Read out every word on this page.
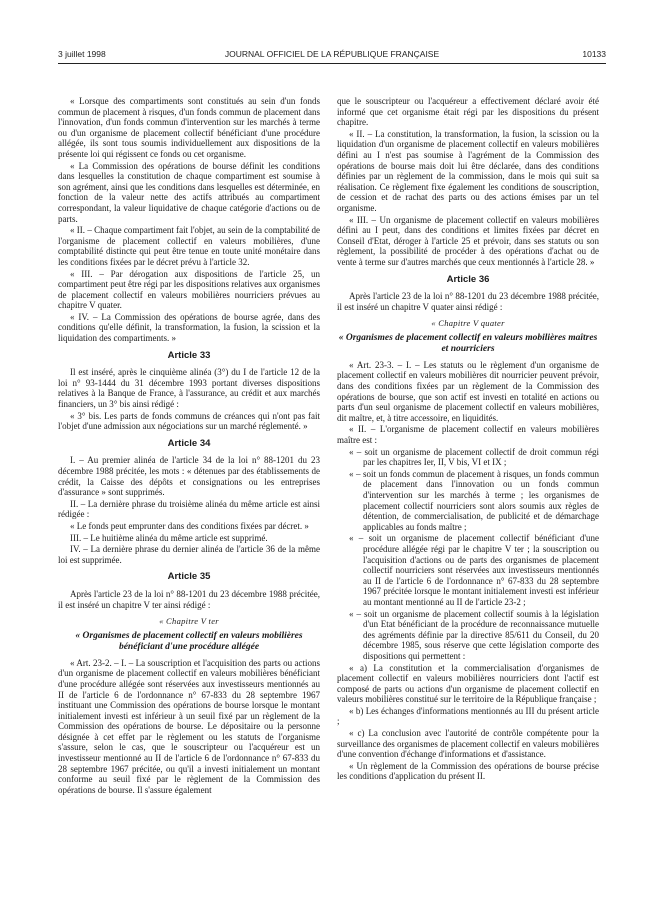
3 juillet 1998	JOURNAL OFFICIEL DE LA RÉPUBLIQUE FRANÇAISE	10133

« Lorsque des compartiments sont constitués au sein d'un fonds commun de placement à risques, d'un fonds commun de placement dans l'innovation, d'un fonds commun d'intervention sur les marchés à terme ou d'un organisme de placement collectif bénéficiant d'une procédure allégée, ils sont tous soumis individuellement aux dispositions de la présente loi qui régissent ce fonds ou cet organisme.

« La Commission des opérations de bourse définit les conditions dans lesquelles la constitution de chaque compartiment est soumise à son agrément, ainsi que les conditions dans lesquelles est déterminée, en fonction de la valeur nette des actifs attribués au compartiment correspondant, la valeur liquidative de chaque catégorie d'actions ou de parts.

« II. – Chaque compartiment fait l'objet, au sein de la comptabilité de l'organisme de placement collectif en valeurs mobilières, d'une comptabilité distincte qui peut être tenue en toute unité monétaire dans les conditions fixées par le décret prévu à l'article 32.

« III. – Par dérogation aux dispositions de l'article 25, un compartiment peut être régi par les dispositions relatives aux organismes de placement collectif en valeurs mobilières nourriciers prévues au chapitre V quater.

« IV. – La Commission des opérations de bourse agrée, dans des conditions qu'elle définit, la transformation, la fusion, la scission et la liquidation des compartiments. »

Article 33

Il est inséré, après le cinquième alinéa (3°) du I de l'article 12 de la loi n° 93-1444 du 31 décembre 1993 portant diverses dispositions relatives à la Banque de France, à l'assurance, au crédit et aux marchés financiers, un 3° bis ainsi rédigé :

« 3° bis. Les parts de fonds communs de créances qui n'ont pas fait l'objet d'une admission aux négociations sur un marché réglementé. »

Article 34

I. – Au premier alinéa de l'article 34 de la loi n° 88-1201 du 23 décembre 1988 précitée, les mots : « détenues par des établissements de crédit, la Caisse des dépôts et consignations ou les entreprises d'assurance » sont supprimés.

II. – La dernière phrase du troisième alinéa du même article est ainsi rédigée :

« Le fonds peut emprunter dans des conditions fixées par décret. »

III. – Le huitième alinéa du même article est supprimé.

IV. – La dernière phrase du dernier alinéa de l'article 36 de la même loi est supprimée.

Article 35

Après l'article 23 de la loi n° 88-1201 du 23 décembre 1988 précitée, il est inséré un chapitre V ter ainsi rédigé :

« Chapitre V ter
« Organismes de placement collectif en valeurs mobilières bénéficiant d'une procédure allégée

« Art. 23-2. – I. – La souscription et l'acquisition des parts ou actions d'un organisme de placement collectif en valeurs mobilières bénéficiant d'une procédure allégée sont réservées aux investisseurs mentionnés au II de l'article 6 de l'ordonnance n° 67-833 du 28 septembre 1967 instituant une Commission des opérations de bourse lorsque le montant initialement investi est inférieur à un seuil fixé par un règlement de la Commission des opérations de bourse. Le dépositaire ou la personne désignée à cet effet par le règlement ou les statuts de l'organisme s'assure, selon le cas, que le souscripteur ou l'acquéreur est un investisseur mentionné au II de l'article 6 de l'ordonnance n° 67-833 du 28 septembre 1967 précitée, ou qu'il a investi initialement un montant conforme au seuil fixé par le règlement de la Commission des opérations de bourse. Il s'assure également

que le souscripteur ou l'acquéreur a effectivement déclaré avoir été informé que cet organisme était régi par les dispositions du présent chapitre.

« II. – La constitution, la transformation, la fusion, la scission ou la liquidation d'un organisme de placement collectif en valeurs mobilières défini au I n'est pas soumise à l'agrément de la Commission des opérations de bourse mais doit lui être déclarée, dans des conditions définies par un règlement de la commission, dans le mois qui suit sa réalisation. Ce règlement fixe également les conditions de souscription, de cession et de rachat des parts ou des actions émises par un tel organisme.

« III. – Un organisme de placement collectif en valeurs mobilières défini au I peut, dans des conditions et limites fixées par décret en Conseil d'Etat, déroger à l'article 25 et prévoir, dans ses statuts ou son règlement, la possibilité de procéder à des opérations d'achat ou de vente à terme sur d'autres marchés que ceux mentionnés à l'article 28. »

Article 36

Après l'article 23 de la loi n° 88-1201 du 23 décembre 1988 précitée, il est inséré un chapitre V quater ainsi rédigé :

« Chapitre V quater
« Organismes de placement collectif en valeurs mobilières maîtres et nourriciers

« Art. 23-3. – I. – Les statuts ou le règlement d'un organisme de placement collectif en valeurs mobilières dit nourricier peuvent prévoir, dans des conditions fixées par un règlement de la Commission des opérations de bourse, que son actif est investi en totalité en actions ou parts d'un seul organisme de placement collectif en valeurs mobilières, dit maître, et, à titre accessoire, en liquidités.

« II. – L'organisme de placement collectif en valeurs mobilières maître est :

« – soit un organisme de placement collectif de droit commun régi par les chapitres Ier, II, V bis, VI et IX ;
« – soit un fonds commun de placement à risques, un fonds commun de placement dans l'innovation ou un fonds commun d'intervention sur les marchés à terme ; les organismes de placement collectif nourriciers sont alors soumis aux règles de détention, de commercialisation, de publicité et de démarchage applicables au fonds maître ;
« – soit un organisme de placement collectif bénéficiant d'une procédure allégée régi par le chapitre V ter ; la souscription ou l'acquisition d'actions ou de parts des organismes de placement collectif nourriciers sont réservées aux investisseurs mentionnés au II de l'article 6 de l'ordonnance n° 67-833 du 28 septembre 1967 précitée lorsque le montant initialement investi est inférieur au montant mentionné au II de l'article 23-2 ;
« – soit un organisme de placement collectif soumis à la législation d'un Etat bénéficiant de la procédure de reconnaissance mutuelle des agréments définie par la directive 85/611 du Conseil, du 20 décembre 1985, sous réserve que cette législation comporte des dispositions qui permettent :

« a) La constitution et la commercialisation d'organismes de placement collectif en valeurs mobilières nourriciers dont l'actif est composé de parts ou actions d'un organisme de placement collectif en valeurs mobilières constitué sur le territoire de la République française ;

« b) Les échanges d'informations mentionnés au III du présent article ;

« c) La conclusion avec l'autorité de contrôle compétente pour la surveillance des organismes de placement collectif en valeurs mobilières d'une convention d'échange d'informations et d'assistance.

« Un règlement de la Commission des opérations de bourse précise les conditions d'application du présent II.
